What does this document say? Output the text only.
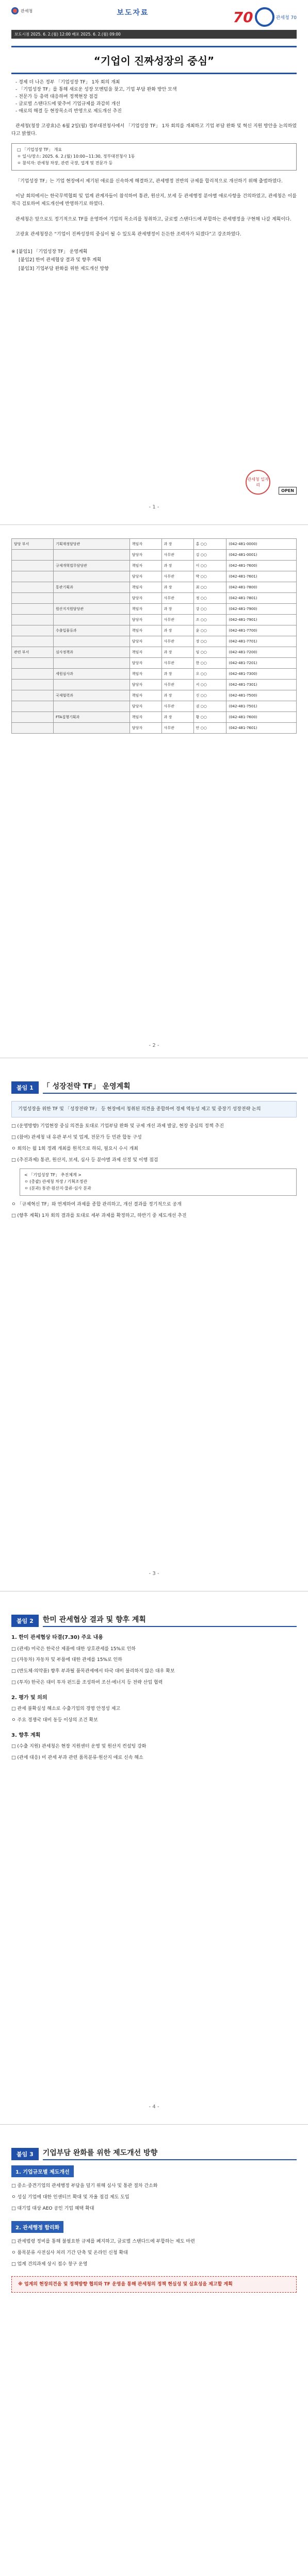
관세청	보도자료	70	관세청 70
보도시점 2025. 6. 2.(월) 12:00 배포 2025. 6. 2.(월) 09:00
“기업이 진짜성장의 중심”
- 경제 더 나은 정부 「기업성장 TF」 1차 회의 개최
- 「기업성장 TF」를 통해 새로운 성장 모멘텀을 찾고, 기업 부담 완화 방안 모색
- 전문가 등 총력 대응하며 정책현장 점검
- 글로벌 스탠다드에 맞추어 기업규제를 과감히 개선
- 애로의 해결 등 현장목소리 반영으로 제도개선 추진
관세청(청장 고광효)은 6월 2일(월) 정부대전청사에서 「기업성장 TF」 1차 회의를 개최하고 기업 부담 완화 및 혁신 지원 방안을 논의하였다고 밝혔다.
□ 「기업성장 TF」 개요
ㅇ 일시/장소: 2025. 6. 2.(월) 10:00~11:30, 정부대전청사 1동
ㅇ 참석자: 관세청 차장, 관련 국장, 업계 및 전문가 등
「기업성장 TF」는 기업 현장에서 제기된 애로를 신속하게 해결하고, 관세행정 전반의 규제를 합리적으로 개선하기 위해 출범하였다.
이날 회의에서는 한국무역협회 및 업계 관계자들이 참석하여 통관, 원산지, 보세 등 관세행정 분야별 애로사항을 건의하였고, 관세청은 이를 적극 검토하여 제도개선에 반영하기로 하였다.
관세청은 앞으로도 정기적으로 TF를 운영하여 기업의 목소리를 청취하고, 글로벌 스탠다드에 부합하는 관세행정을 구현해 나갈 계획이다.
고광효 관세청장은 “기업이 진짜성장의 중심이 될 수 있도록 관세행정이 든든한 조력자가 되겠다”고 강조하였다.
※ [붙임1] 「기업성장 TF」 운영계획
[붙임2] 한미 관세협상 결과 및 향후 계획
[붙임3] 기업부담 완화를 위한 제도개선 방향
관세청 일자리
OPEN
- 1 -
담당 부서	기획재정담당관	책임자	과 장	홍 ○○	(042-481-0000)
		담당자	사무관	김 ○○	(042-481-0001)
	규제개혁법무담당관	책임자	과 장	이 ○○	(042-481-7600)
		담당자	사무관	박 ○○	(042-481-7601)
	통관기획과	책임자	과 장	최 ○○	(042-481-7800)
		담당자	사무관	정 ○○	(042-481-7801)
	원산지지원담당관	책임자	과 장	강 ○○	(042-481-7900)
		담당자	사무관	조 ○○	(042-481-7901)
	수출입물류과	책임자	과 장	윤 ○○	(042-481-7700)
		담당자	사무관	장 ○○	(042-481-7701)
관련 부서	심사정책과	책임자	과 장	임 ○○	(042-481-7200)
		담당자	사무관	한 ○○	(042-481-7201)
	세원심사과	책임자	과 장	오 ○○	(042-481-7300)
		담당자	사무관	서 ○○	(042-481-7301)
	국제협력과	책임자	과 장	신 ○○	(042-481-7500)
		담당자	사무관	권 ○○	(042-481-7501)
	FTA집행기획과	책임자	과 장	황 ○○	(042-481-7600)
		담당자	사무관	안 ○○	(042-481-7601)
- 2 -
붙임 1	「 성장전략 TF」 운영계획
기업성장을 위한 TF 및 「성장전략 TF」 등 현장에서 청취된 의견을 종합하여 경제 역동성 제고 및 중장기 성장전략 논의

□ (운영방향) 기업현장 중심 의견을 토대로 기업부담 완화 및 규제 개선 과제 발굴, 현장 중심의 정책 추진

□ (참여) 관세청 내 유관 부서 및 업계, 전문가 등 민관 합동 구성

ㅇ 회의는 월 1회 정례 개최를 원칙으로 하되, 필요시 수시 개최

□ (추진과제) 통관, 원산지, 보세, 심사 등 분야별 과제 선정 및 이행 점검

< 「기업성장 TF」 추진체계 >
ㅇ (총괄) 관세청 차장 / 기획조정관
ㅇ (분과) 통관·원산지·물류·심사 분과

ㅇ 「규제혁신 TF」와 연계하여 과제를 종합 관리하고, 개선 결과를 정기적으로 공개

□ (향후 계획) 1차 회의 결과를 토대로 세부 과제를 확정하고, 하반기 중 제도개선 추진

- 3 -
붙임 2	한미 관세협상 결과 및 향후 계획
1. 한미 관세협상 타결(7.30) 주요 내용

□ (관세) 미국은 한국산 제품에 대한 상호관세를 15%로 인하

□ (자동차) 자동차 및 부품에 대한 관세를 15%로 인하

□ (반도체·의약품) 향후 부과될 품목관세에서 타국 대비 불리하지 않은 대우 확보

□ (투자) 한국은 대미 투자 펀드를 조성하여 조선·에너지 등 전략 산업 협력

2. 평가 및 의의

□ 관세 불확실성 해소로 수출기업의 경영 안정성 제고

ㅇ 주요 경쟁국 대비 동등 이상의 조건 확보

3. 향후 계획

□ (수출 지원) 관세청은 현장 지원센터 운영 및 원산지 컨설팅 강화

□ (관세 대응) 미 관세 부과 관련 품목분류·원산지 애로 신속 해소

- 4 -
붙임 3	기업부담 완화를 위한 제도개선 방향
1. 기업규모별 제도개선

□ 중소·중견기업의 관세행정 부담을 덜기 위해 심사 및 통관 절차 간소화

ㅇ 성실 기업에 대한 인센티브 확대 및 자율 점검 제도 도입

□ 대기업 대상 AEO 공인 기업 혜택 확대

2. 관세행정 합리화

□ 관세법령 정비를 통해 불필요한 규제를 폐지하고, 글로벌 스탠다드에 부합하는 제도 마련

ㅇ 품목분류 사전심사 처리 기간 단축 및 온라인 신청 확대

□ 업계 건의과제 상시 접수 창구 운영

※ 업계의 현장의견을 및 정책방향 협의와 TF 운영을 통해 관세청의 정책 현실성 및 실효성을 제고할 계획
